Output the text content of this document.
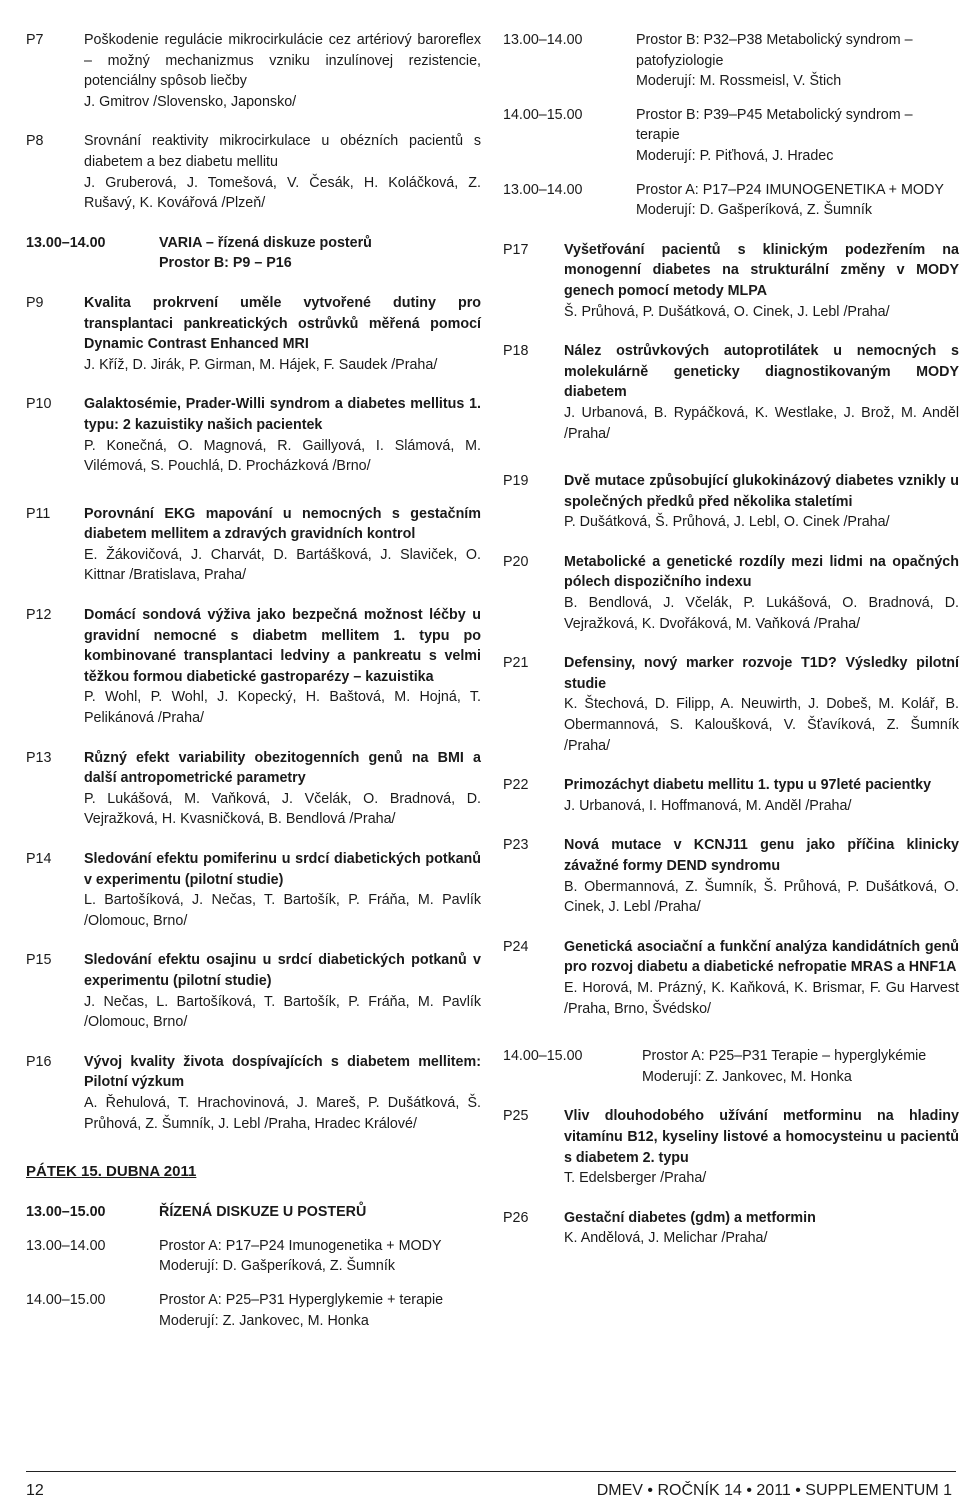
P7	Poškodenie regulácie mikrocirkulácie cez artériový baroreflex – možný mechanizmus vzniku inzulínovej rezistencie, potenciálny spôsob liečby
J. Gmitrov /Slovensko, Japonsko/
P8	Srovnání reaktivity mikrocirkulace u obézních pacientů s diabetem a bez diabetu mellitu
J. Gruberová, J. Tomešová, V. Česák, H. Koláčková, Z. Rušavý, K. Kovářová /Plzeň/
13.00–14.00	VARIA – řízená diskuze posterů
Prostor B: P9 – P16
P9	Kvalita prokrvení uměle vytvořené dutiny pro transplantaci pankreatických ostrůvků měřená pomocí Dynamic Contrast Enhanced MRI
J. Kříž, D. Jirák, P. Girman, M. Hájek, F. Saudek /Praha/
P10	Galaktosémie, Prader-Willi syndrom a diabetes mellitus 1. typu: 2 kazuistiky našich pacientek
P. Konečná, O. Magnová, R. Gaillyová, I. Slámová, M. Vilémová, S. Pouchlá, D. Procházková /Brno/
P11	Porovnání EKG mapování u nemocných s gestačním diabetem mellitem a zdravých gravidních kontrol
E. Žákovičová, J. Charvát, D. Bartášková, J. Slaviček, O. Kittnar /Bratislava, Praha/
P12	Domácí sondová výživa jako bezpečná možnost léčby u gravidní nemocné s diabetm mellitem 1. typu po kombinované transplantaci ledviny a pankreatu s velmi těžkou formou diabetické gastroparézy – kazuistika
P. Wohl, P. Wohl, J. Kopecký, H. Baštová, M. Hojná, T. Pelikánová /Praha/
P13	Různý efekt variability obezitogenních genů na BMI a další antropometrické parametry
P. Lukášová, M. Vaňková, J. Včelák, O. Bradnová, D. Vejražková, H. Kvasničková, B. Bendlová /Praha/
P14	Sledování efektu pomiferinu u srdcí diabetických potkanů v experimentu (pilotní studie)
L. Bartošíková, J. Nečas, T. Bartošík, P. Fráňa, M. Pavlík /Olomouc, Brno/
P15	Sledování efektu osajinu u srdcí diabetických potkanů v experimentu (pilotní studie)
J. Nečas, L. Bartošíková, T. Bartošík, P. Fráňa, M. Pavlík /Olomouc, Brno/
P16	Vývoj kvality života dospívajících s diabetem mellitem: Pilotní výzkum
A. Řehulová, T. Hrachovinová, J. Mareš, P. Dušátková, Š. Průhová, Z. Šumník, J. Lebl /Praha, Hradec Králové/
PÁTEK 15. DUBNA 2011
13.00–15.00	ŘÍZENÁ DISKUZE U POSTERŮ
13.00–14.00	Prostor A: P17–P24 Imunogenetika + MODY
Moderují: D. Gašperíková, Z. Šumník
14.00–15.00	Prostor A: P25–P31 Hyperglykemie + terapie
Moderují: Z. Jankovec, M. Honka
13.00–14.00	Prostor B: P32–P38 Metabolický syndrom – patofyziologie
Moderují: M. Rossmeisl, V. Štich
14.00–15.00	Prostor B: P39–P45 Metabolický syndrom – terapie
Moderují: P. Piťhová, J. Hradec
13.00–14.00	Prostor A: P17–P24 IMUNOGENETIKA + MODY
Moderují: D. Gašperíková, Z. Šumník
P17	Vyšetřování pacientů s klinickým podezřením na monogenní diabetes na strukturální změny v MODY genech pomocí metody MLPA
Š. Průhová, P. Dušátková, O. Cinek, J. Lebl /Praha/
P18	Nález ostrůvkových autoprotilátek u nemocných s molekulárně geneticky diagnostikovaným MODY diabetem
J. Urbanová, B. Rypáčková, K. Westlake, J. Brož, M. Anděl /Praha/
P19	Dvě mutace způsobující glukokinázový diabetes vznikly u společných předků před několika staletími
P. Dušátková, Š. Průhová, J. Lebl, O. Cinek /Praha/
P20	Metabolické a genetické rozdíly mezi lidmi na opačných pólech dispozičního indexu
B. Bendlová, J. Včelák, P. Lukášová, O. Bradnová, D. Vejražková, K. Dvořáková, M. Vaňková /Praha/
P21	Defensiny, nový marker rozvoje T1D? Výsledky pilotní studie
K. Štechová, D. Filipp, A. Neuwirth, J. Dobeš, M. Kolář, B. Obermannová, S. Kaloušková, V. Šťavíková, Z. Šumník /Praha/
P22	Primozáchyt diabetu mellitu 1. typu u 97leté pacientky
J. Urbanová, I. Hoffmanová, M. Anděl /Praha/
P23	Nová mutace v KCNJ11 genu jako příčina klinicky závažné formy DEND syndromu
B. Obermannová, Z. Šumník, Š. Průhová, P. Dušátková, O. Cinek, J. Lebl /Praha/
P24	Genetická asociační a funkční analýza kandidátních genů pro rozvoj diabetu a diabetické nefropatie MRAS a HNF1A
E. Horová, M. Prázný, K. Kaňková, K. Brismar, F. Gu Harvest /Praha, Brno, Švédsko/
14.00–15.00	Prostor A: P25–P31 Terapie – hyperglykémie
Moderují: Z. Jankovec, M. Honka
P25	Vliv dlouhodobého užívání metforminu na hladiny vitamínu B12, kyseliny listové a homocysteinu u pacientů s diabetem 2. typu
T. Edelsberger /Praha/
P26	Gestační diabetes (gdm) a metformin
K. Andělová, J. Melichar /Praha/
12	DMEV • ROČNÍK 14 • 2011 • SUPPLEMENTUM 1
